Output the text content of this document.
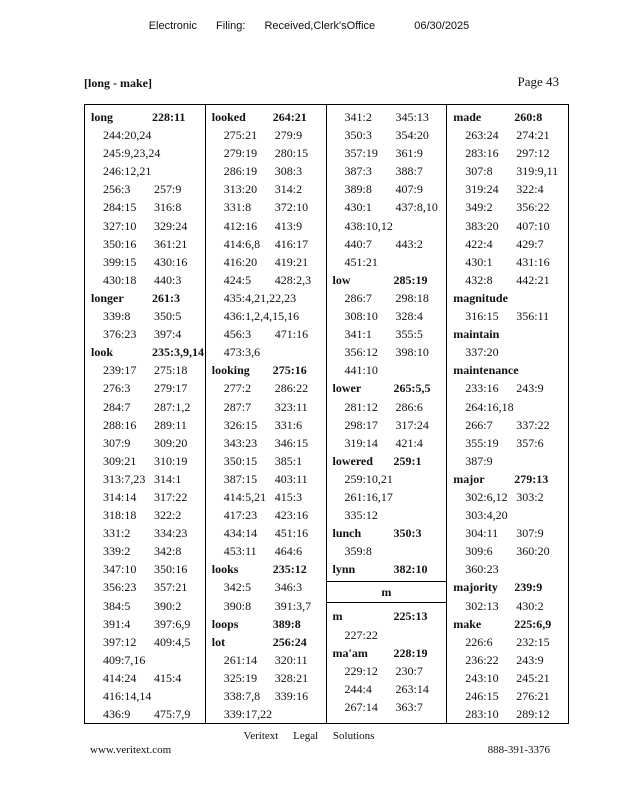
Electronic Filing: Received,Clerk'sOffice	06/30/2025
[long - make]	Page 43
long	228:11
244:20,24
245:9,23,24
246:12,21
256:3 257:9
284:15 316:8
327:10 329:24
350:16 361:21
399:15 430:16
430:18 440:3
longer 261:3
339:8 350:5
376:23 397:4
look	235:3,9,14
239:17 275:18
276:3 279:17
284:7 287:1,2
288:16 289:11
307:9 309:20
309:21 310:19
313:7,23 314:1
314:14 317:22
318:18 322:2
331:2 334:23
339:2 342:8
347:10 350:16
356:23 357:21
384:5 390:2
391:4 397:6,9
397:12 409:4,5
409:7,16
414:24 415:4
416:14,14
436:9 475:7,9
looked 264:21
275:21 279:9
279:19 280:15
286:19 308:3
313:20 314:2
331:8 372:10
412:16 413:9
414:6,8 416:17
416:20 419:21
424:5 428:2,3
435:4,21,22,23
436:1,2,4,15,16
456:3 471:16
473:3,6
looking 275:16
277:2 286:22
287:7 323:11
326:15 331:6
343:23 346:15
350:15 385:1
387:15 403:11
414:5,21 415:3
417:23 423:16
434:14 451:16
453:11 464:6
looks	235:12
342:5 346:3
390:8 391:3,7
loops	389:8
lot	256:24
261:14 320:11
325:19 328:21
338:7,8 339:16
339:17,22
341:2 345:13
350:3 354:20
357:19 361:9
387:3 388:7
389:8 407:9
430:1 437:8,10
438:10,12
440:7 443:2
451:21
low	285:19
286:7 298:18
308:10 328:4
341:1 355:5
356:12 398:10
441:10
lower	265:5,5
281:12 286:6
298:17 317:24
319:14 421:4
lowered 259:1
259:10,21
261:16,17
335:12
lunch	350:3
359:8
lynn	382:10
m
m	225:13
227:22
ma'am 228:19
229:12 230:7
244:4 263:14
267:14 363:7
made	260:8
263:24 274:21
283:16 297:12
307:8 319:9,11
319:24 322:4
349:2 356:22
383:20 407:10
422:4 429:7
430:1 431:16
432:8 442:21
magnitude
316:15 356:11
maintain
337:20
maintenance
233:16 243:9
264:16,18
266:7 337:22
355:19 357:6
387:9
major 279:13
302:6,12 303:2
303:4,20
304:11 307:9
309:6 360:20
360:23
majority 239:9
302:13 430:2
make	225:6,9
226:6 232:15
236:22 243:9
243:10 245:21
246:15 276:21
283:10 289:12
Veritext Legal Solutions
www.veritext.com	888-391-3376
